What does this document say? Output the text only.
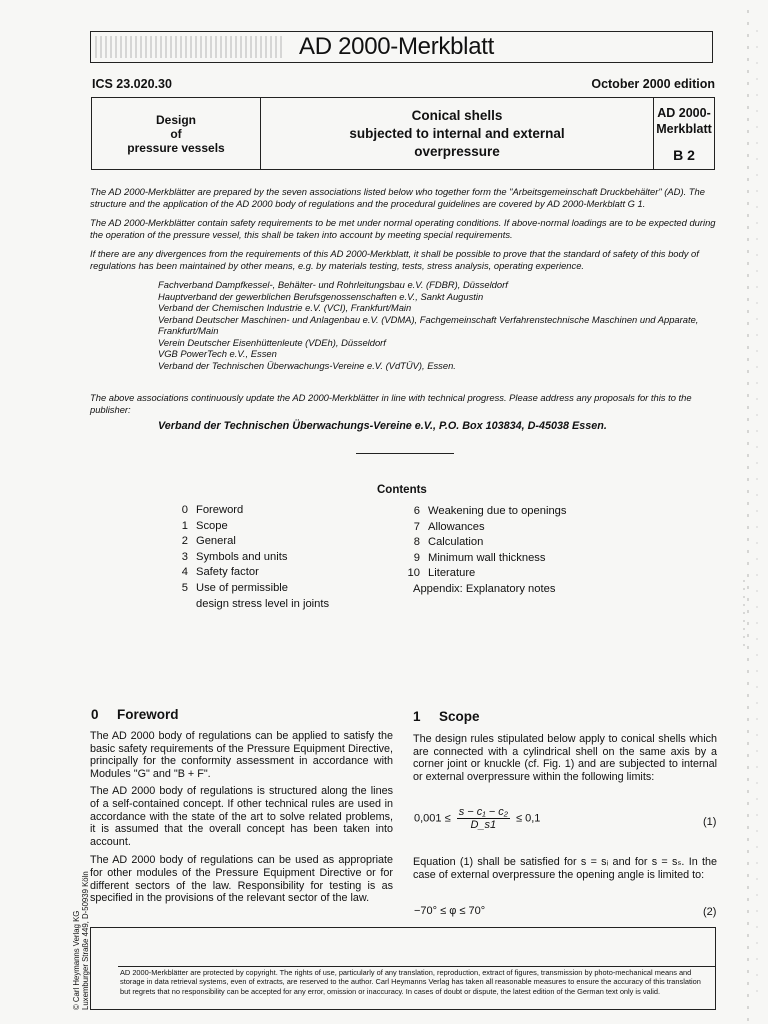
AD 2000-Merkblatt
ICS 23.020.30	October 2000 edition
Design
of
pressure vessels
Conical shells
subjected to internal and external
overpressure
AD 2000-Merkblatt
B 2
The AD 2000-Merkblätter are prepared by the seven associations listed below who together form the "Arbeitsgemeinschaft Druckbehälter" (AD). The structure and the application of the AD 2000 body of regulations and the procedural guidelines are covered by AD 2000-Merkblatt G 1.
The AD 2000-Merkblätter contain safety requirements to be met under normal operating conditions. If above-normal loadings are to be expected during the operation of the pressure vessel, this shall be taken into account by meeting special requirements.
If there are any divergences from the requirements of this AD 2000-Merkblatt, it shall be possible to prove that the standard of safety of this body of regulations has been maintained by other means, e.g. by materials testing, tests, stress analysis, operating experience.
Fachverband Dampfkessel-, Behälter- und Rohrleitungsbau e.V. (FDBR), Düsseldorf
Hauptverband der gewerblichen Berufsgenossenschaften e.V., Sankt Augustin
Verband der Chemischen Industrie e.V. (VCI), Frankfurt/Main
Verband Deutscher Maschinen- und Anlagenbau e.V. (VDMA), Fachgemeinschaft Verfahrenstechnische Maschinen und Apparate, Frankfurt/Main
Verein Deutscher Eisenhüttenleute (VDEh), Düsseldorf
VGB PowerTech e.V., Essen
Verband der Technischen Überwachungs-Vereine e.V. (VdTÜV), Essen.
The above associations continuously update the AD 2000-Merkblätter in line with technical progress. Please address any proposals for this to the publisher:
Verband der Technischen Überwachungs-Vereine e.V., P.O. Box 103834, D-45038 Essen.
Contents
0 Foreword
1 Scope
2 General
3 Symbols and units
4 Safety factor
5 Use of permissible
design stress level in joints
6 Weakening due to openings
7 Allowances
8 Calculation
9 Minimum wall thickness
10 Literature
Appendix: Explanatory notes
0 Foreword

The AD 2000 body of regulations can be applied to satisfy the basic safety requirements of the Pressure Equipment Directive, principally for the conformity assessment in accordance with Modules "G" and "B + F".

The AD 2000 body of regulations is structured along the lines of a self-contained concept. If other technical rules are used in accordance with the state of the art to solve related problems, it is assumed that the overall concept has been taken into account.

The AD 2000 body of regulations can be used as appropriate for other modules of the Pressure Equipment Directive or for different sectors of the law. Responsibility for testing is as specified in the provisions of the relevant sector of the law.

1 Scope
The design rules stipulated below apply to conical shells which are connected with a cylindrical shell on the same axis by a corner joint or knuckle (cf. Fig. 1) and are subjected to internal or external overpressure within the following limits:
$0,001 \le \frac{\text{s − c₁ − c₂}}{D\_s1} \le 0,1$	(1)
Equation (1) shall be satisfied for s = sᵢ and for s = sₛ. In the case of external overpressure the opening angle is limited to:
−70° ≤ φ ≤ 70°	(2)
AD 2000-Merkblätter are protected by copyright. The rights of use, particularly of any translation, reproduction, extract of figures, transmission by photo-mechanical means and storage in data retrieval systems, even of extracts, are reserved to the author. Carl Heymanns Verlag has taken all reasonable measures to ensure the accuracy of this translation but regrets that no responsibility can be accepted for any error, omission or inaccuracy. In cases of doubt or dispute, the latest edition of the German text only is valid.
© Carl Heymanns Verlag KG Luxemburger Straße 449, D-50939 Köln
